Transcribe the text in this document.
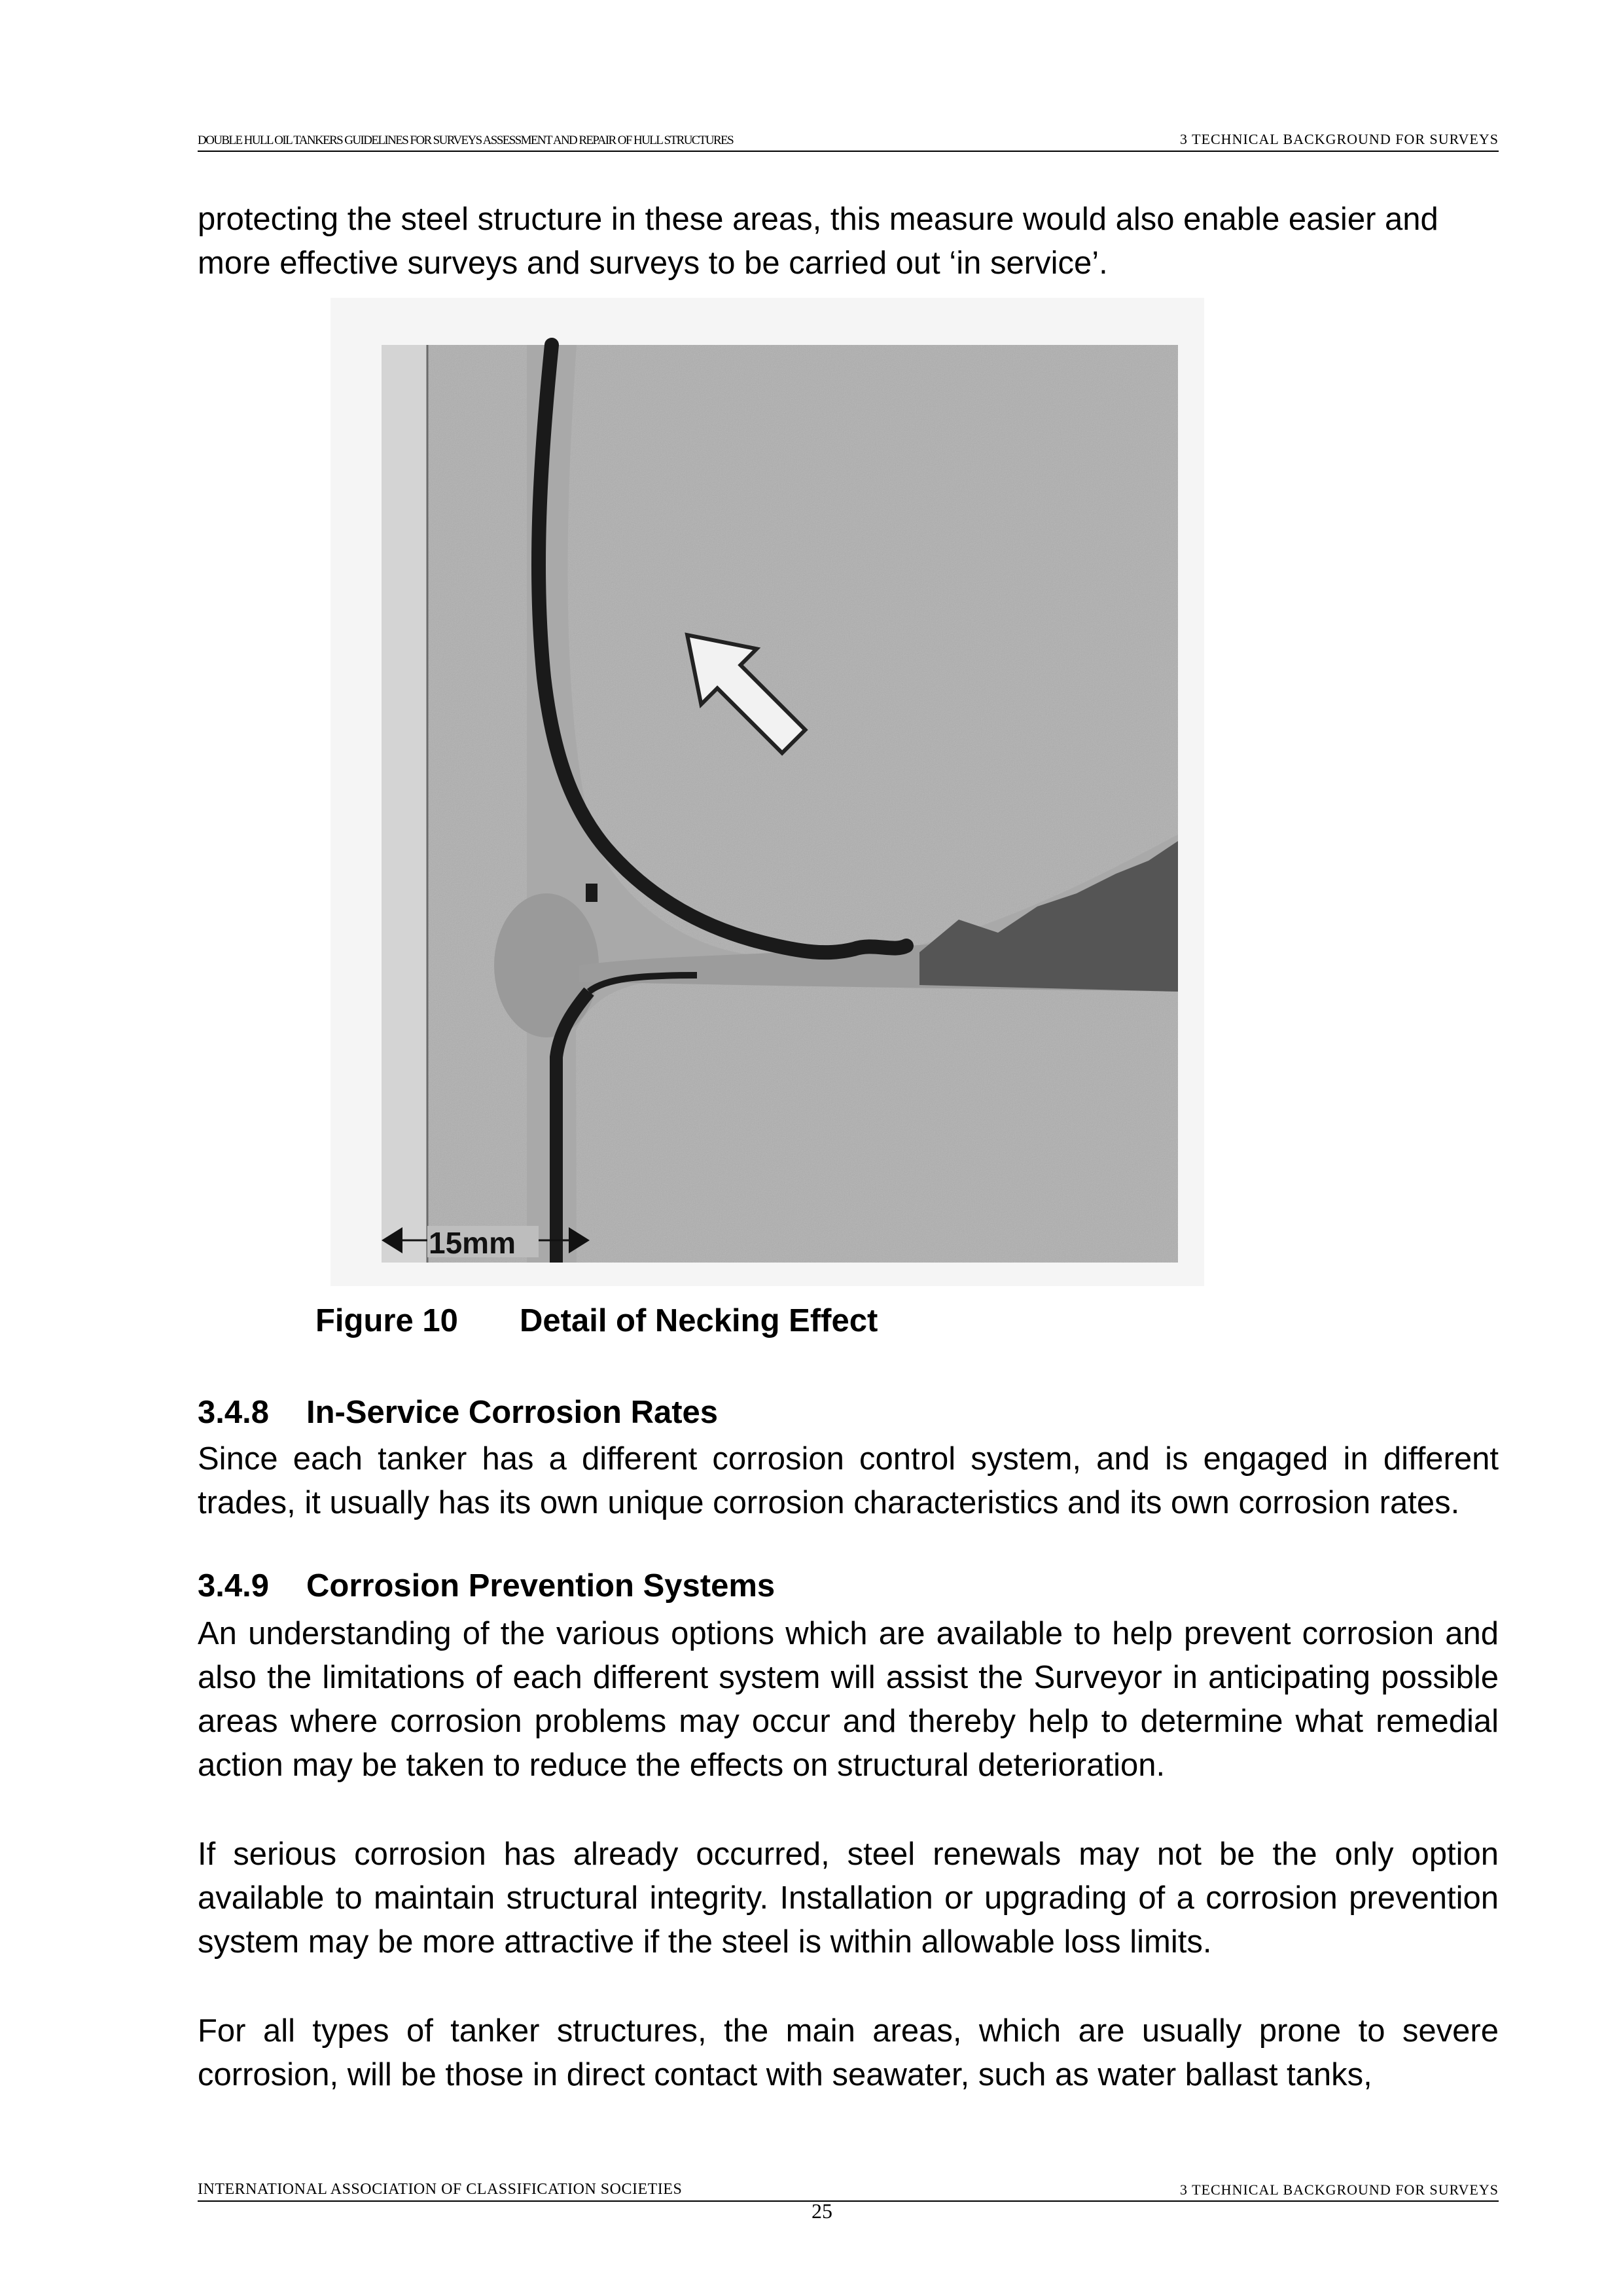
DOUBLE HULL OIL TANKERS GUIDELINES FOR SURVEYS ASSESSMENT AND REPAIR OF HULL STRUCTURES	3 TECHNICAL BACKGROUND FOR SURVEYS

protecting the steel structure in these areas, this measure would also enable easier and more effective surveys and surveys to be carried out ‘in service’.

15mm
Figure 10 Detail of Necking Effect
3.4.8 In-Service Corrosion Rates

Since each tanker has a different corrosion control system, and is engaged in different trades, it usually has its own unique corrosion characteristics and its own corrosion rates.

3.4.9 Corrosion Prevention Systems

An understanding of the various options which are available to help prevent corrosion and also the limitations of each different system will assist the Surveyor in anticipating possible areas where corrosion problems may occur and thereby help to determine what remedial action may be taken to reduce the effects on structural deterioration.

If serious corrosion has already occurred, steel renewals may not be the only option available to maintain structural integrity. Installation or upgrading of a corrosion prevention system may be more attractive if the steel is within allowable loss limits.

For all types of tanker structures, the main areas, which are usually prone to severe corrosion, will be those in direct contact with seawater, such as water ballast tanks,

INTERNATIONAL ASSOCIATION OF CLASSIFICATION SOCIETIES	3 TECHNICAL BACKGROUND FOR SURVEYS
25
